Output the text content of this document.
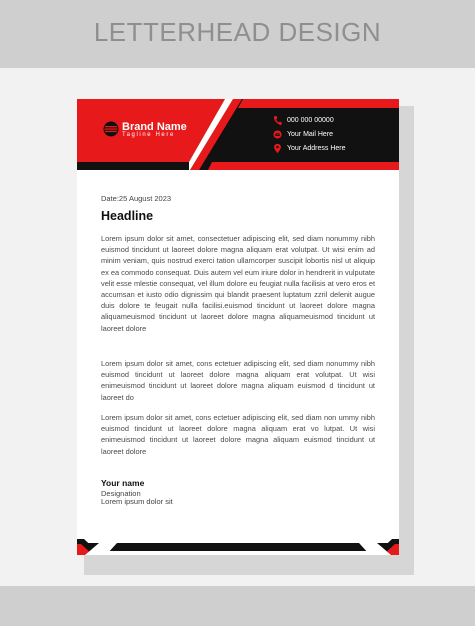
LETTERHEAD DESIGN
Brand Name
Tagline Here
000 000 00000
Your Mail Here
Your Address Here
Date:25 August 2023
Headline

Lorem ipsum dolor sit amet, consectetuer adipiscing elit, sed diam nonummy nibh euismod tincidunt ut laoreet dolore magna aliquam erat volutpat. Ut wisi enim ad minim veniam, quis nostrud exerci tation ullamcorper suscipit lobortis nisl ut aliquip ex ea commodo consequat. Duis autem vel eum iriure dolor in hendrerit in vulputate velit esse mlestie consequat, vel illum dolore eu feugiat nulla facilisis at vero eros et accumsan et iusto odio dignissim qui blandit praesent luptatum zzril delenit augue duis dolore te feugait nulla facilisi.euismod tincidunt ut laoreet dolore magna aliquameuismod tincidunt ut laoreet dolore magna aliquameuismod tincidunt ut laoreet dolore

Lorem ipsum dolor sit amet, cons ectetuer adipiscing elit, sed diam nonummy nibh euismod tincidunt ut laoreet dolore magna aliquam erat volutpat. Ut wisi enimeuismod tincidunt ut laoreet dolore magna aliquam euismod d tincidunt ut laoreet do

Lorem ipsum dolor sit amet, cons ectetuer adipiscing elit, sed diam non ummy nibh euismod tincidunt ut laoreet dolore magna aliquam erat vo lutpat. Ut wisi enimeuismod tincidunt ut laoreet dolore magna aliquam euismod tincidunt ut laoreet dolore

Your name
Designation
Lorem ipsum dolor sit
